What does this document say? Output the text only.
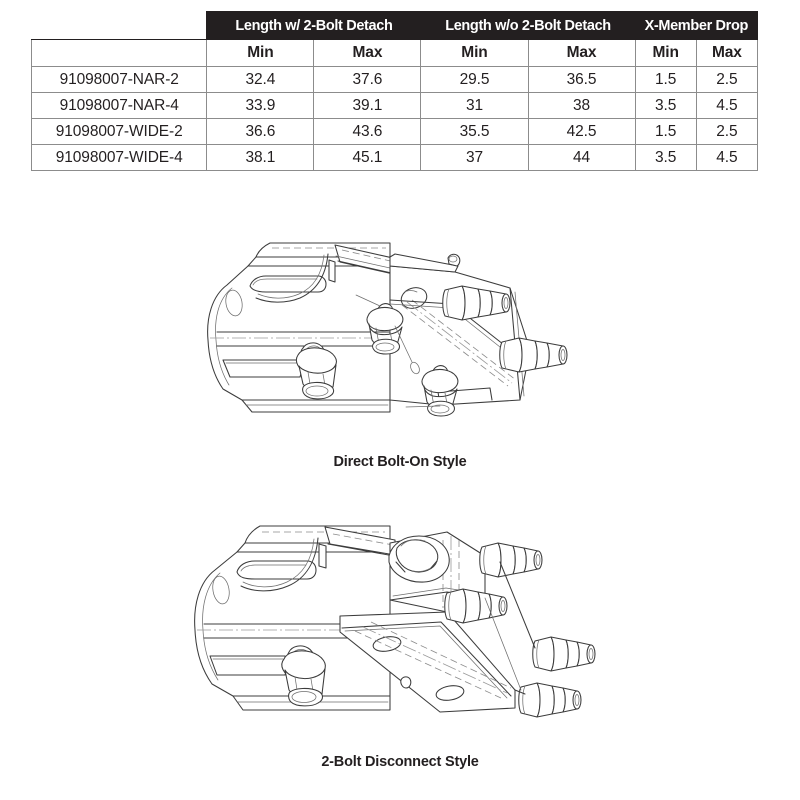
	Length w/ 2-Bolt Detach		Length w/o 2-Bolt Detach		X-Member Drop	
	Min	Max	Min	Max	Min	Max
91098007-NAR-2	32.4	37.6	29.5	36.5	1.5	2.5
91098007-NAR-4	33.9	39.1	31	38	3.5	4.5
91098007-WIDE-2	36.6	43.6	35.5	42.5	1.5	2.5
91098007-WIDE-4	38.1	45.1	37	44	3.5	4.5
Direct Bolt-On Style
2-Bolt Disconnect Style
